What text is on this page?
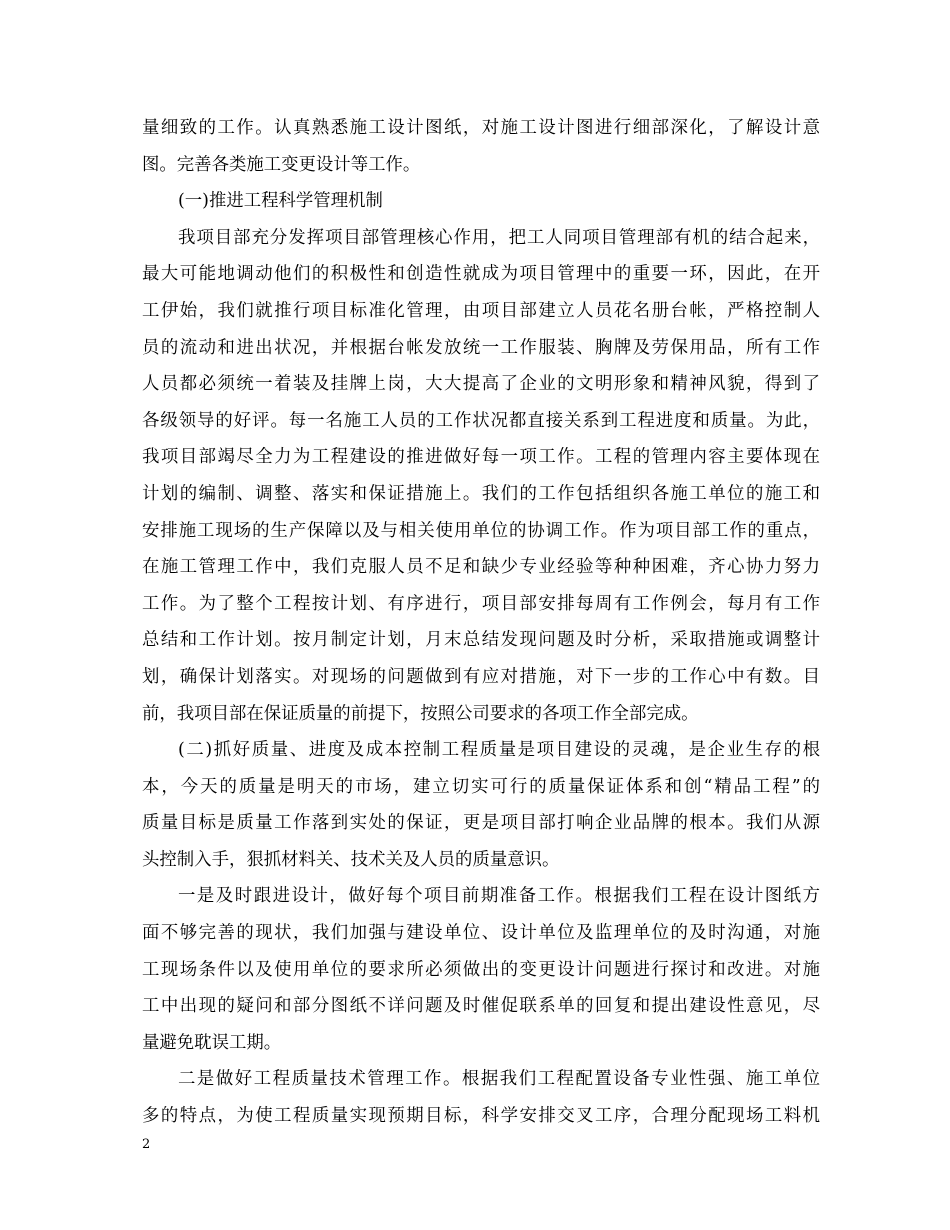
量细致的工作。认真熟悉施工设计图纸，对施工设计图进行细部深化，了解设计意
图。完善各类施工变更设计等工作。
(一)推进工程科学管理机制
我项目部充分发挥项目部管理核心作用，把工人同项目管理部有机的结合起来，
最大可能地调动他们的积极性和创造性就成为项目管理中的重要一环，因此，在开
工伊始，我们就推行项目标准化管理，由项目部建立人员花名册台帐，严格控制人
员的流动和进出状况，并根据台帐发放统一工作服装、胸牌及劳保用品，所有工作
人员都必须统一着装及挂牌上岗，大大提高了企业的文明形象和精神风貌，得到了
各级领导的好评。每一名施工人员的工作状况都直接关系到工程进度和质量。为此，
我项目部竭尽全力为工程建设的推进做好每一项工作。工程的管理内容主要体现在
计划的编制、调整、落实和保证措施上。我们的工作包括组织各施工单位的施工和
安排施工现场的生产保障以及与相关使用单位的协调工作。作为项目部工作的重点，
在施工管理工作中，我们克服人员不足和缺少专业经验等种种困难，齐心协力努力
工作。为了整个工程按计划、有序进行，项目部安排每周有工作例会，每月有工作
总结和工作计划。按月制定计划，月末总结发现问题及时分析，采取措施或调整计
划，确保计划落实。对现场的问题做到有应对措施，对下一步的工作心中有数。目
前，我项目部在保证质量的前提下，按照公司要求的各项工作全部完成。
(二)抓好质量、进度及成本控制工程质量是项目建设的灵魂，是企业生存的根
本，今天的质量是明天的市场，建立切实可行的质量保证体系和创“精品工程”的
质量目标是质量工作落到实处的保证，更是项目部打响企业品牌的根本。我们从源
头控制入手，狠抓材料关、技术关及人员的质量意识。
一是及时跟进设计，做好每个项目前期准备工作。根据我们工程在设计图纸方
面不够完善的现状，我们加强与建设单位、设计单位及监理单位的及时沟通，对施
工现场条件以及使用单位的要求所必须做出的变更设计问题进行探讨和改进。对施
工中出现的疑问和部分图纸不详问题及时催促联系单的回复和提出建设性意见，尽
量避免耽误工期。
二是做好工程质量技术管理工作。根据我们工程配置设备专业性强、施工单位
多的特点，为使工程质量实现预期目标，科学安排交叉工序，合理分配现场工料机
2
